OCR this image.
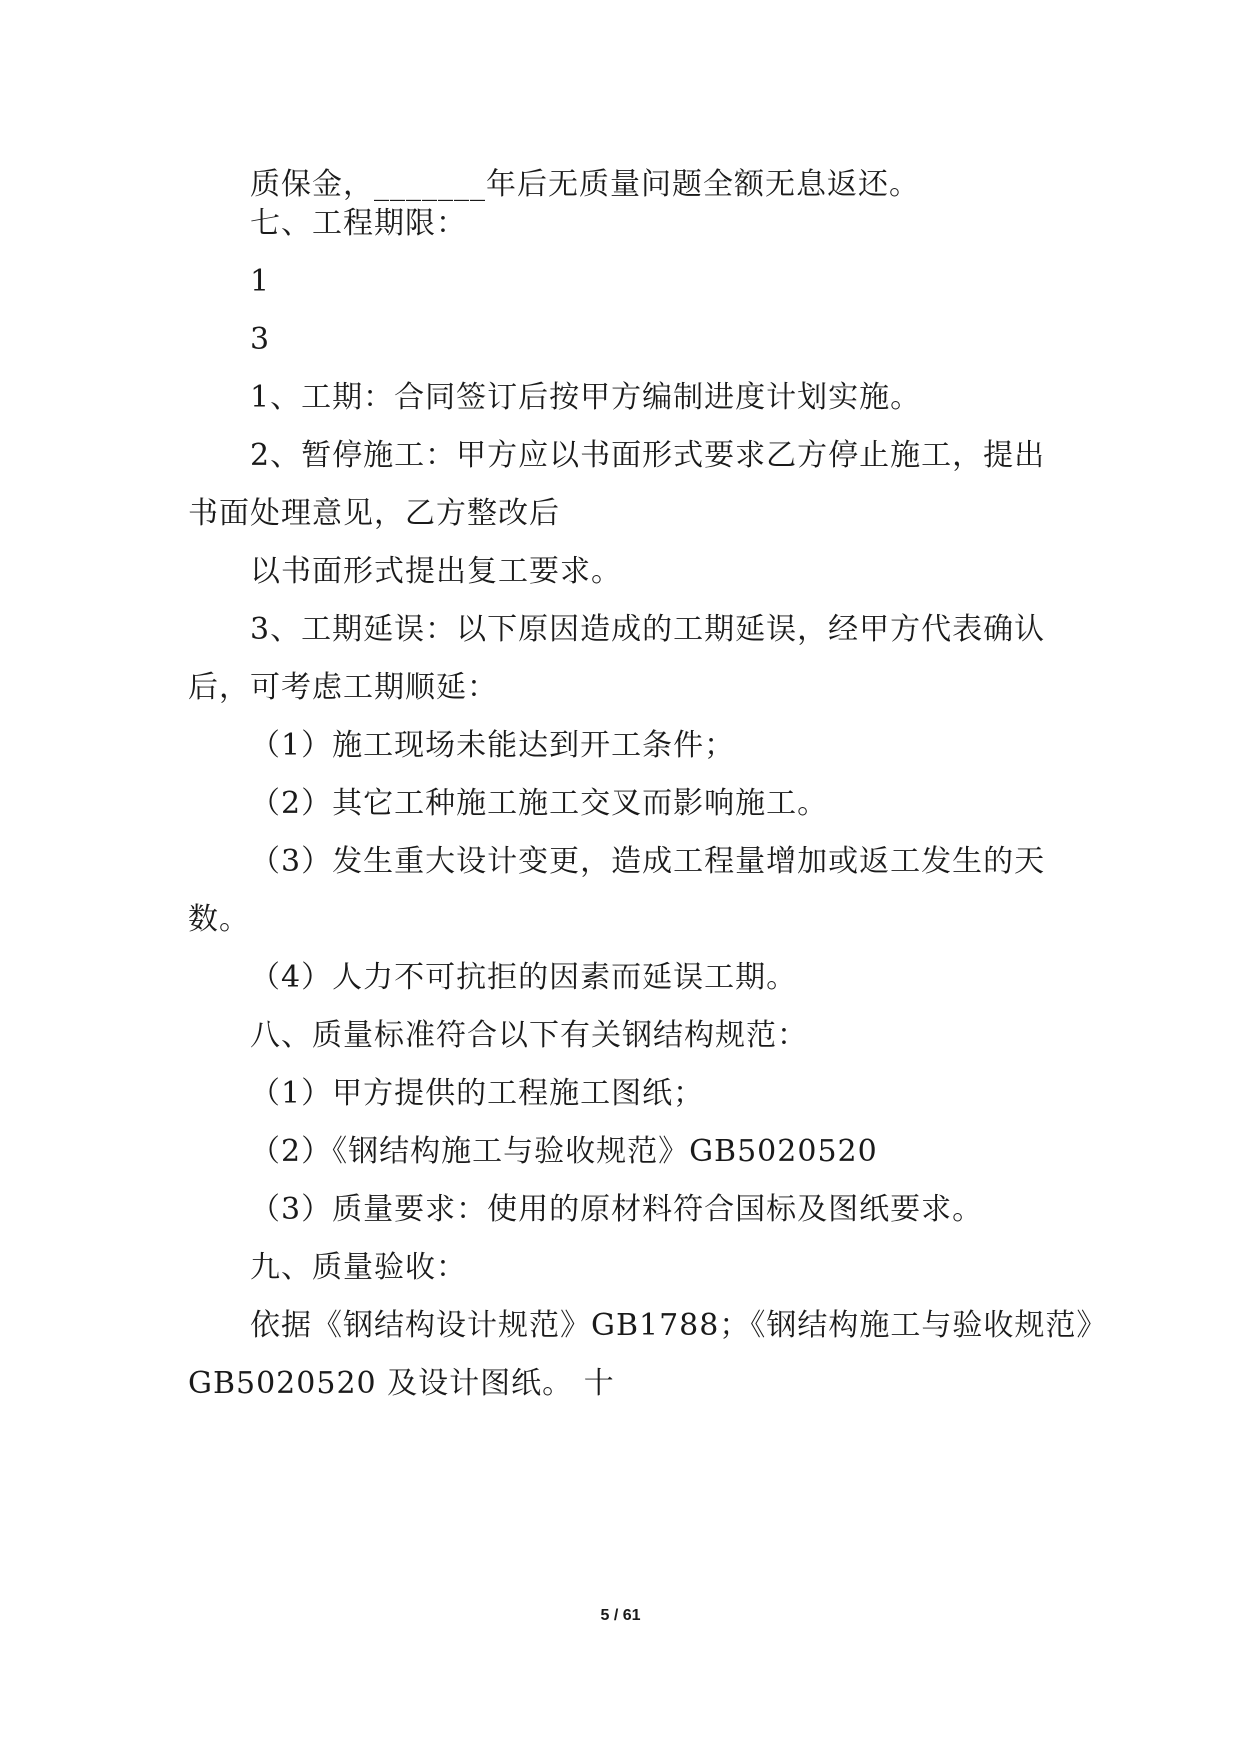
质保金，_______年后无质量问题全额无息返还。
七、工程期限：
1
3
1、工期：合同签订后按甲方编制进度计划实施。
2、暂停施工：甲方应以书面形式要求乙方停止施工，提出
书面处理意见，乙方整改后
以书面形式提出复工要求。
3、工期延误：以下原因造成的工期延误，经甲方代表确认
后，可考虑工期顺延：
（1）施工现场未能达到开工条件；
（2）其它工种施工施工交叉而影响施工。
（3）发生重大设计变更，造成工程量增加或返工发生的天
数。
（4）人力不可抗拒的因素而延误工期。
八、质量标准符合以下有关钢结构规范：
（1）甲方提供的工程施工图纸；
（2）《钢结构施工与验收规范》GB5020520
（3）质量要求：使用的原材料符合国标及图纸要求。
九、质量验收：
依据《钢结构设计规范》GB1788；《钢结构施工与验收规范》
GB5020520 及设计图纸。 十
5 / 61
